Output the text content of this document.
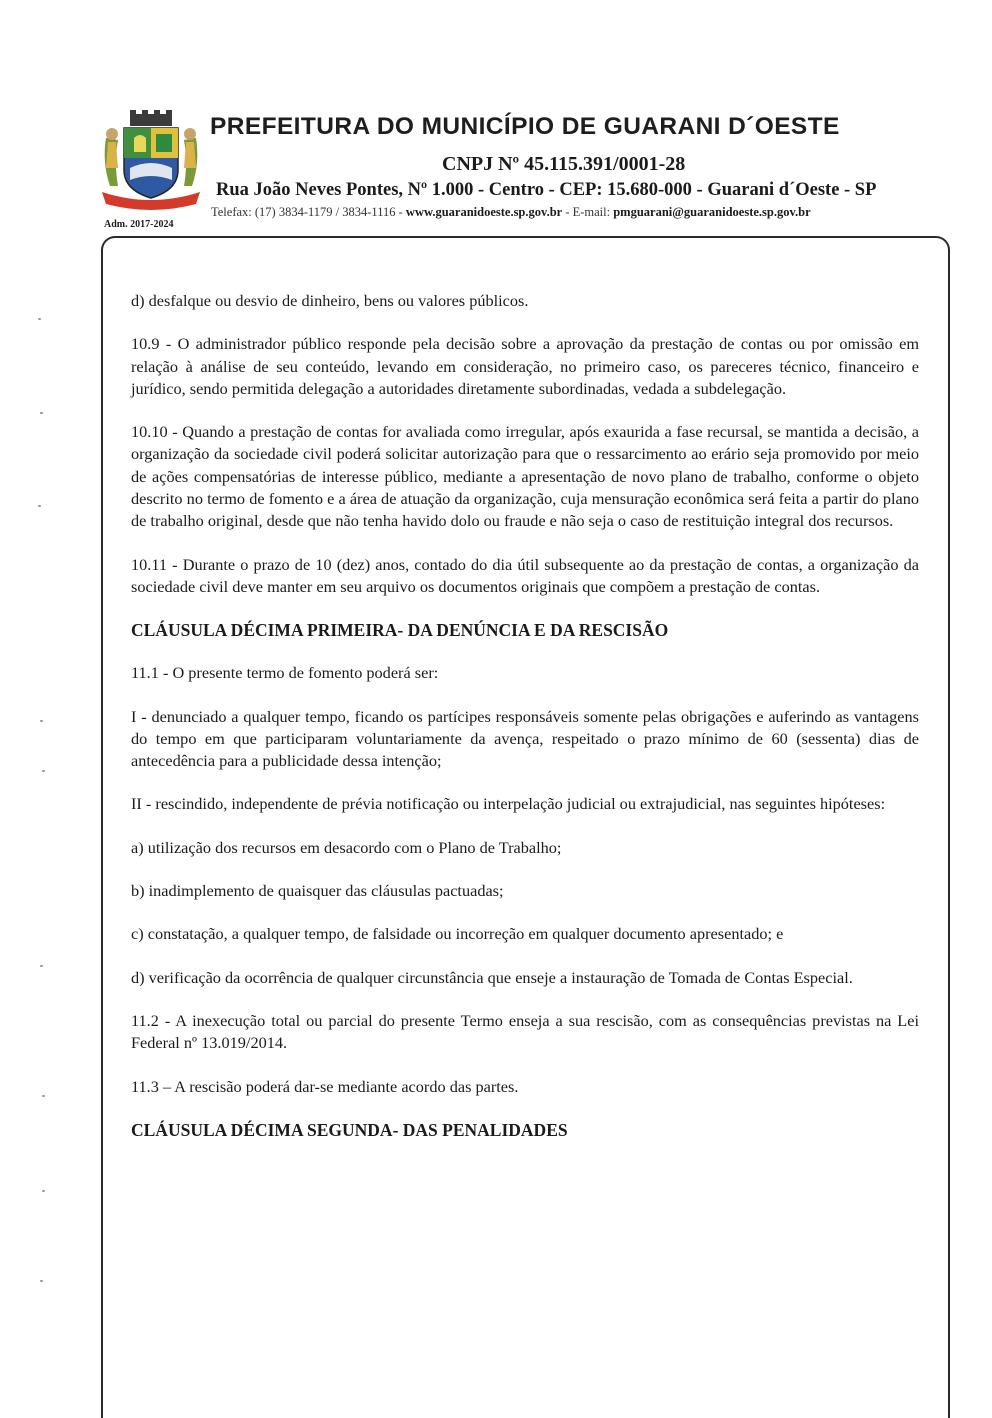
Adm. 2017-2024
PREFEITURA DO MUNICÍPIO DE GUARANI D´OESTE
CNPJ Nº 45.115.391/0001-28
Rua João Neves Pontes, Nº 1.000 - Centro - CEP: 15.680-000 - Guarani d´Oeste - SP
Telefax: (17) 3834-1179 / 3834-1116 - www.guaranidoeste.sp.gov.br - E-mail: pmguarani@guaranidoeste.sp.gov.br

d) desfalque ou desvio de dinheiro, bens ou valores públicos.

10.9 - O administrador público responde pela decisão sobre a aprovação da prestação de contas ou por omissão em relação à análise de seu conteúdo, levando em consideração, no primeiro caso, os pareceres técnico, financeiro e jurídico, sendo permitida delegação a autoridades diretamente subordinadas, vedada a subdelegação.

10.10 - Quando a prestação de contas for avaliada como irregular, após exaurida a fase recursal, se mantida a decisão, a organização da sociedade civil poderá solicitar autorização para que o ressarcimento ao erário seja promovido por meio de ações compensatórias de interesse público, mediante a apresentação de novo plano de trabalho, conforme o objeto descrito no termo de fomento e a área de atuação da organização, cuja mensuração econômica será feita a partir do plano de trabalho original, desde que não tenha havido dolo ou fraude e não seja o caso de restituição integral dos recursos.

10.11 - Durante o prazo de 10 (dez) anos, contado do dia útil subsequente ao da prestação de contas, a organização da sociedade civil deve manter em seu arquivo os documentos originais que compõem a prestação de contas.

CLÁUSULA DÉCIMA PRIMEIRA- DA DENÚNCIA E DA RESCISÃO

11.1 - O presente termo de fomento poderá ser:

I - denunciado a qualquer tempo, ficando os partícipes responsáveis somente pelas obrigações e auferindo as vantagens do tempo em que participaram voluntariamente da avença, respeitado o prazo mínimo de 60 (sessenta) dias de antecedência para a publicidade dessa intenção;

II - rescindido, independente de prévia notificação ou interpelação judicial ou extrajudicial, nas seguintes hipóteses:

a) utilização dos recursos em desacordo com o Plano de Trabalho;

b) inadimplemento de quaisquer das cláusulas pactuadas;

c) constatação, a qualquer tempo, de falsidade ou incorreção em qualquer documento apresentado; e

d) verificação da ocorrência de qualquer circunstância que enseje a instauração de Tomada de Contas Especial.

11.2 - A inexecução total ou parcial do presente Termo enseja a sua rescisão, com as consequências previstas na Lei Federal nº 13.019/2014.

11.3 – A rescisão poderá dar-se mediante acordo das partes.

CLÁUSULA DÉCIMA SEGUNDA- DAS PENALIDADES
